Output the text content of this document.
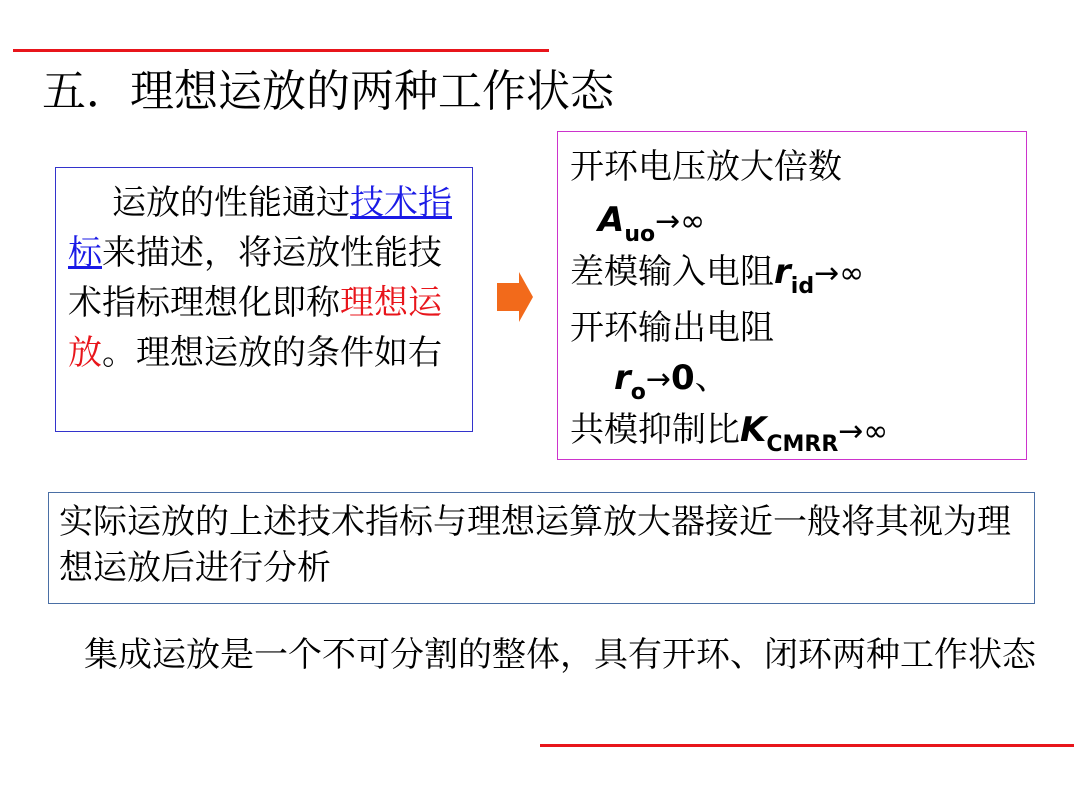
五．理想运放的两种工作状态
运放的性能通过技术指标来描述，将运放性能技术指标理想化即称理想运放。理想运放的条件如右
开环电压放大倍数
$A_{uo}\to\infty$
差模输入电阻$r_{id}\to\infty$
开环输出电阻
$r_o\to 0$、
共模抑制比$K_{CMRR}\to\infty$
实际运放的上述技术指标与理想运算放大器接近一般将其视为理想运放后进行分析
集成运放是一个不可分割的整体，具有开环、闭环两种工作状态
